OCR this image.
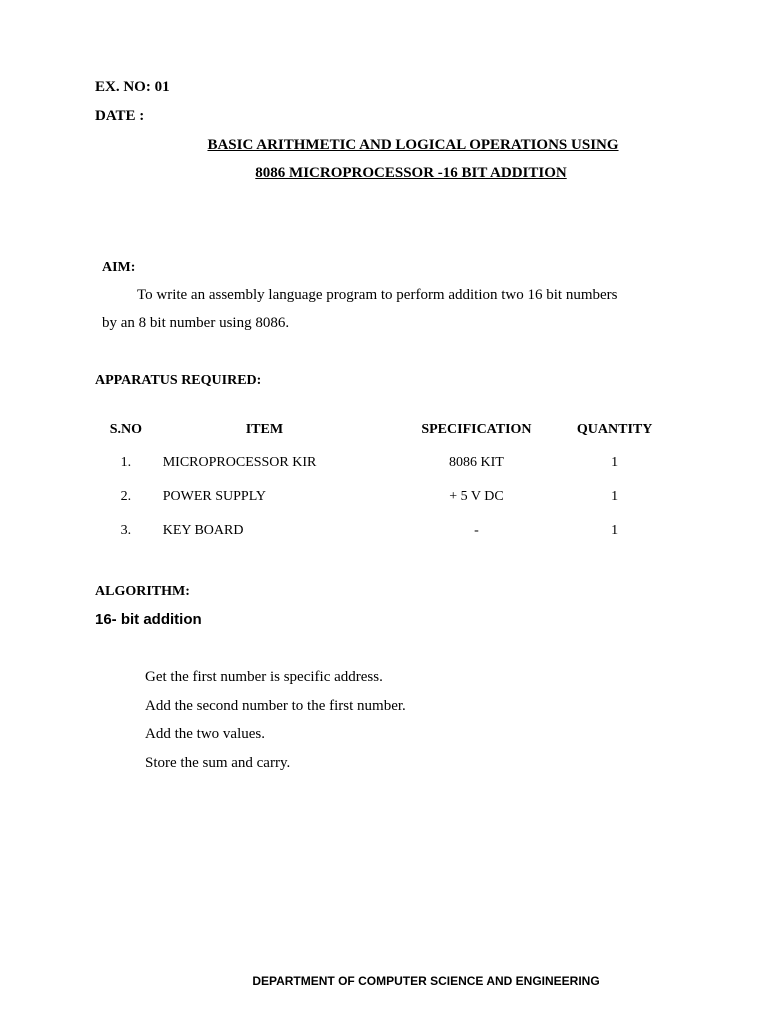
EX. NO: 01
DATE :
BASIC ARITHMETIC AND LOGICAL OPERATIONS USING
8086 MICROPROCESSOR -16 BIT ADDITION
AIM:
To write an assembly language program to perform addition two 16 bit numbers
by an 8 bit number using 8086.
APPARATUS REQUIRED:
S.NO	ITEM	SPECIFICATION	QUANTITY
1.	MICROPROCESSOR KIR	8086 KIT	1
2.	POWER SUPPLY	+ 5 V DC	1
3.	KEY BOARD	-	1
ALGORITHM:
16- bit addition
Get the first number is specific address.
Add the second number to the first number.
Add the two values.
Store the sum and carry.
DEPARTMENT OF COMPUTER SCIENCE AND ENGINEERING
